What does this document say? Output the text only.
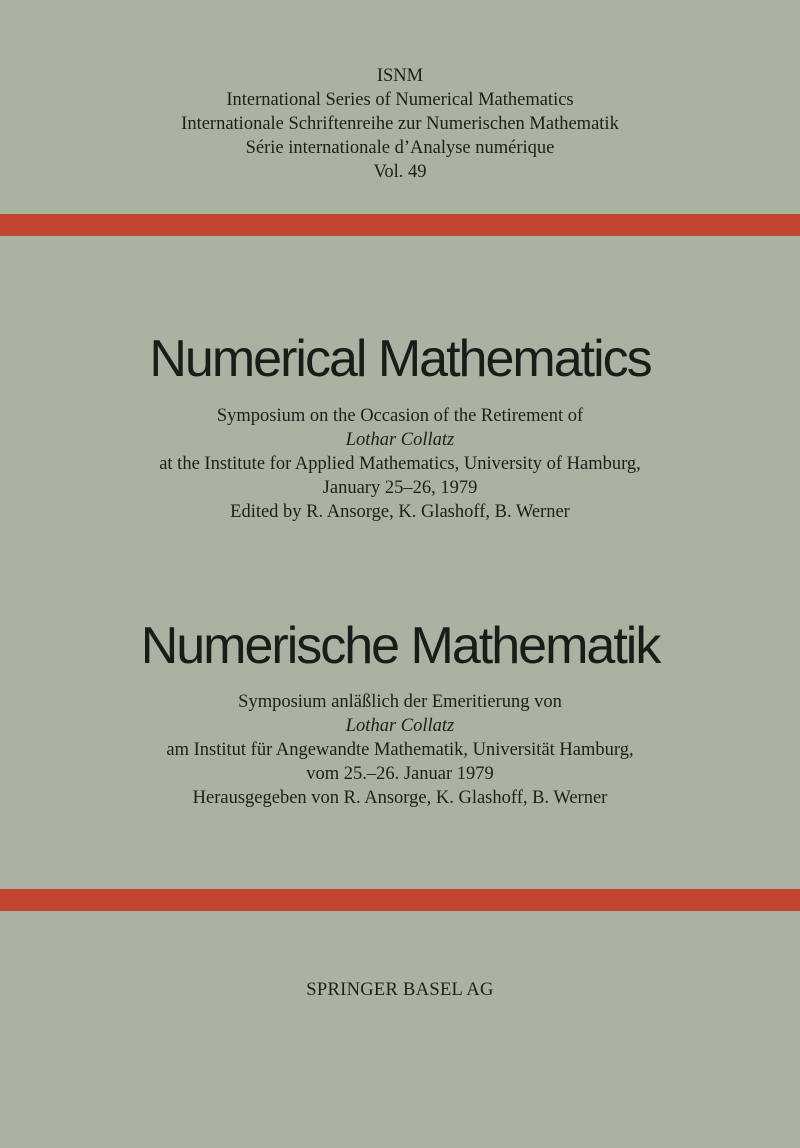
ISNM
International Series of Numerical Mathematics
Internationale Schriftenreihe zur Numerischen Mathematik
Série internationale d’Analyse numérique
Vol. 49
Numerical Mathematics
Symposium on the Occasion of the Retirement of
Lothar Collatz
at the Institute for Applied Mathematics, University of Hamburg,
January 25–26, 1979
Edited by R. Ansorge, K. Glashoff, B. Werner
Numerische Mathematik
Symposium anläßlich der Emeritierung von
Lothar Collatz
am Institut für Angewandte Mathematik, Universität Hamburg,
vom 25.–26. Januar 1979
Herausgegeben von R. Ansorge, K. Glashoff, B. Werner
SPRINGER BASEL AG
